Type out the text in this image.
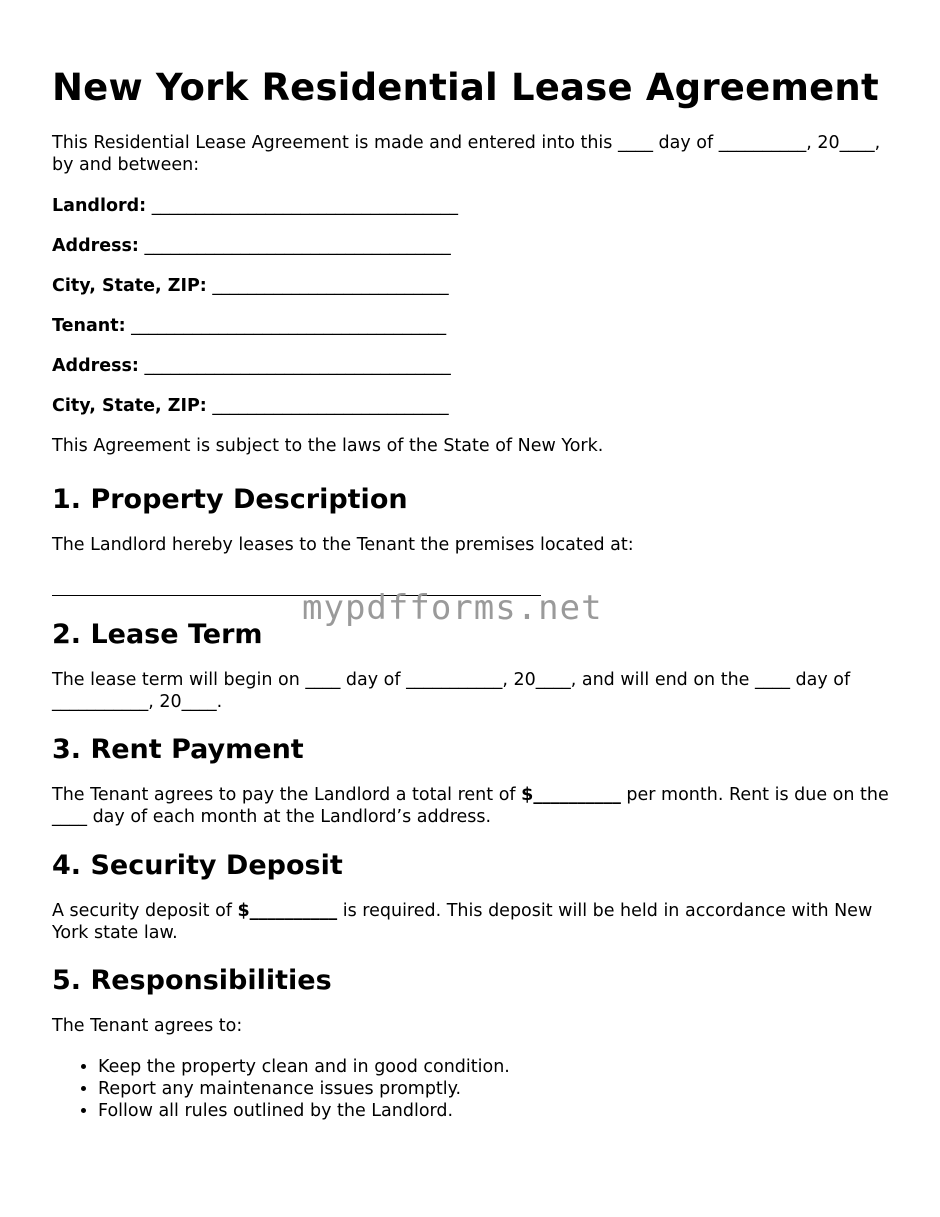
New York Residential Lease Agreement

This Residential Lease Agreement is made and entered into this ____ day of __________, 20____, by and between:

Landlord: ___________________________________
Address: ___________________________________
City, State, ZIP: ___________________________
Tenant: ____________________________________
Address: ___________________________________
City, State, ZIP: ___________________________

This Agreement is subject to the laws of the State of New York.

1. Property Description

The Landlord hereby leases to the Tenant the premises located at:

2. Lease Term

The lease term will begin on ____ day of ___________, 20____, and will end on the ____ day of ___________, 20____.

3. Rent Payment

The Tenant agrees to pay the Landlord a total rent of $__________ per month. Rent is due on the ____ day of each month at the Landlord’s address.

4. Security Deposit

A security deposit of $__________ is required. This deposit will be held in accordance with New York state law.

5. Responsibilities

The Tenant agrees to:

• Keep the property clean and in good condition.
• Report any maintenance issues promptly.
• Follow all rules outlined by the Landlord.
mypdfforms.net
